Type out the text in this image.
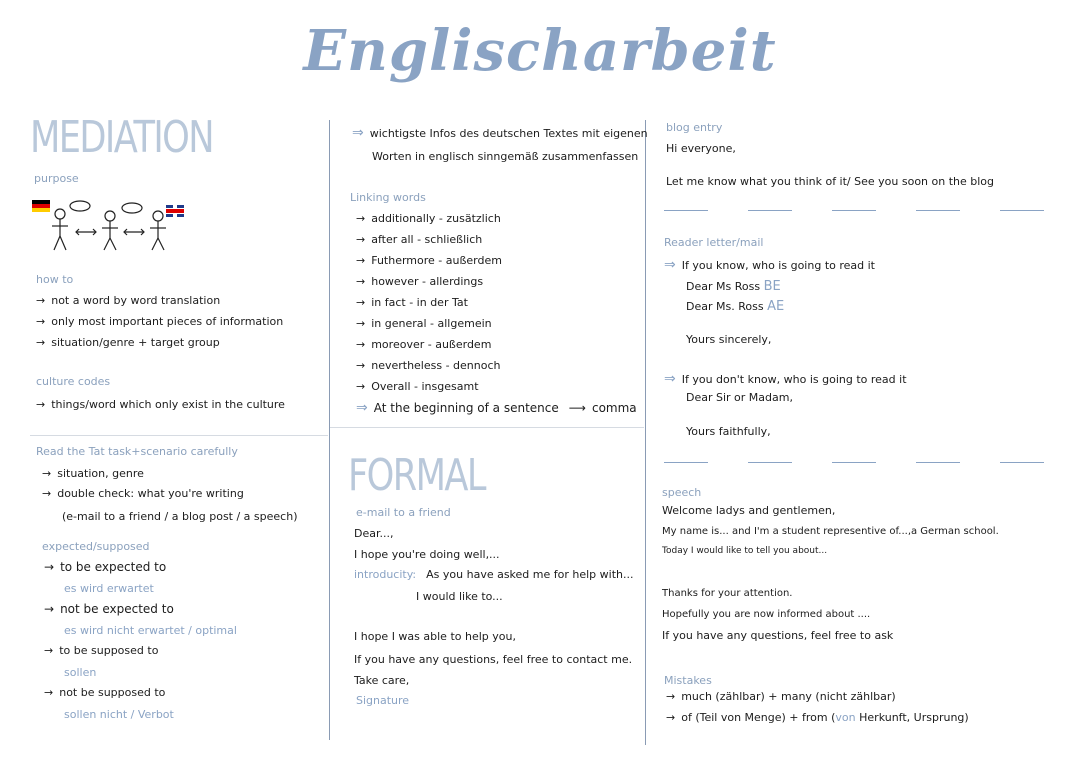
Englischarbeit
MEDIATION
purpose
how to
→ not a word by word translation
→ only most important pieces of information
→ situation/genre + target group
culture codes
→ things/word which only exist in the culture
Read the Tat task+scenario carefully
→ situation, genre
→ double check: what you're writing
(e-mail to a friend / a blog post / a speech)
expected/supposed
→ to be expected to
es wird erwartet
→ not be expected to
es wird nicht erwartet / optimal
→ to be supposed to
sollen
→ not be supposed to
sollen nicht / Verbot
⇒ wichtigste Infos des deutschen Textes mit eigenen
Worten in englisch sinngemäß zusammenfassen
Linking words
→ additionally - zusätzlich
→ after all - schließlich
→ Futhermore - außerdem
→ however - allerdings
→ in fact - in der Tat
→ in general - allgemein
→ moreover - außerdem
→ nevertheless - dennoch
→ Overall - insgesamt
⇒ At the beginning of a sentence ⟶ comma
FORMAL
e-mail to a friend
Dear...,
I hope you're doing well,...
introducity: As you have asked me for help with...
I would like to...
I hope I was able to help you,
If you have any questions, feel free to contact me.
Take care,
Signature
blog entry
Hi everyone,
Let me know what you think of it/ See you soon on the blog
Reader letter/mail
⇒ If you know, who is going to read it
Dear Ms Ross BE
Dear Ms. Ross AE
Yours sincerely,
⇒ If you don't know, who is going to read it
Dear Sir or Madam,
Yours faithfully,
speech
Welcome ladys and gentlemen,
My name is... and I'm a student representive of...,a German school.
Today I would like to tell you about...
Thanks for your attention.
Hopefully you are now informed about ....
If you have any questions, feel free to ask
Mistakes
→ much (zählbar) + many (nicht zählbar)
→ of (Teil von Menge) + from (von Herkunft, Ursprung)
